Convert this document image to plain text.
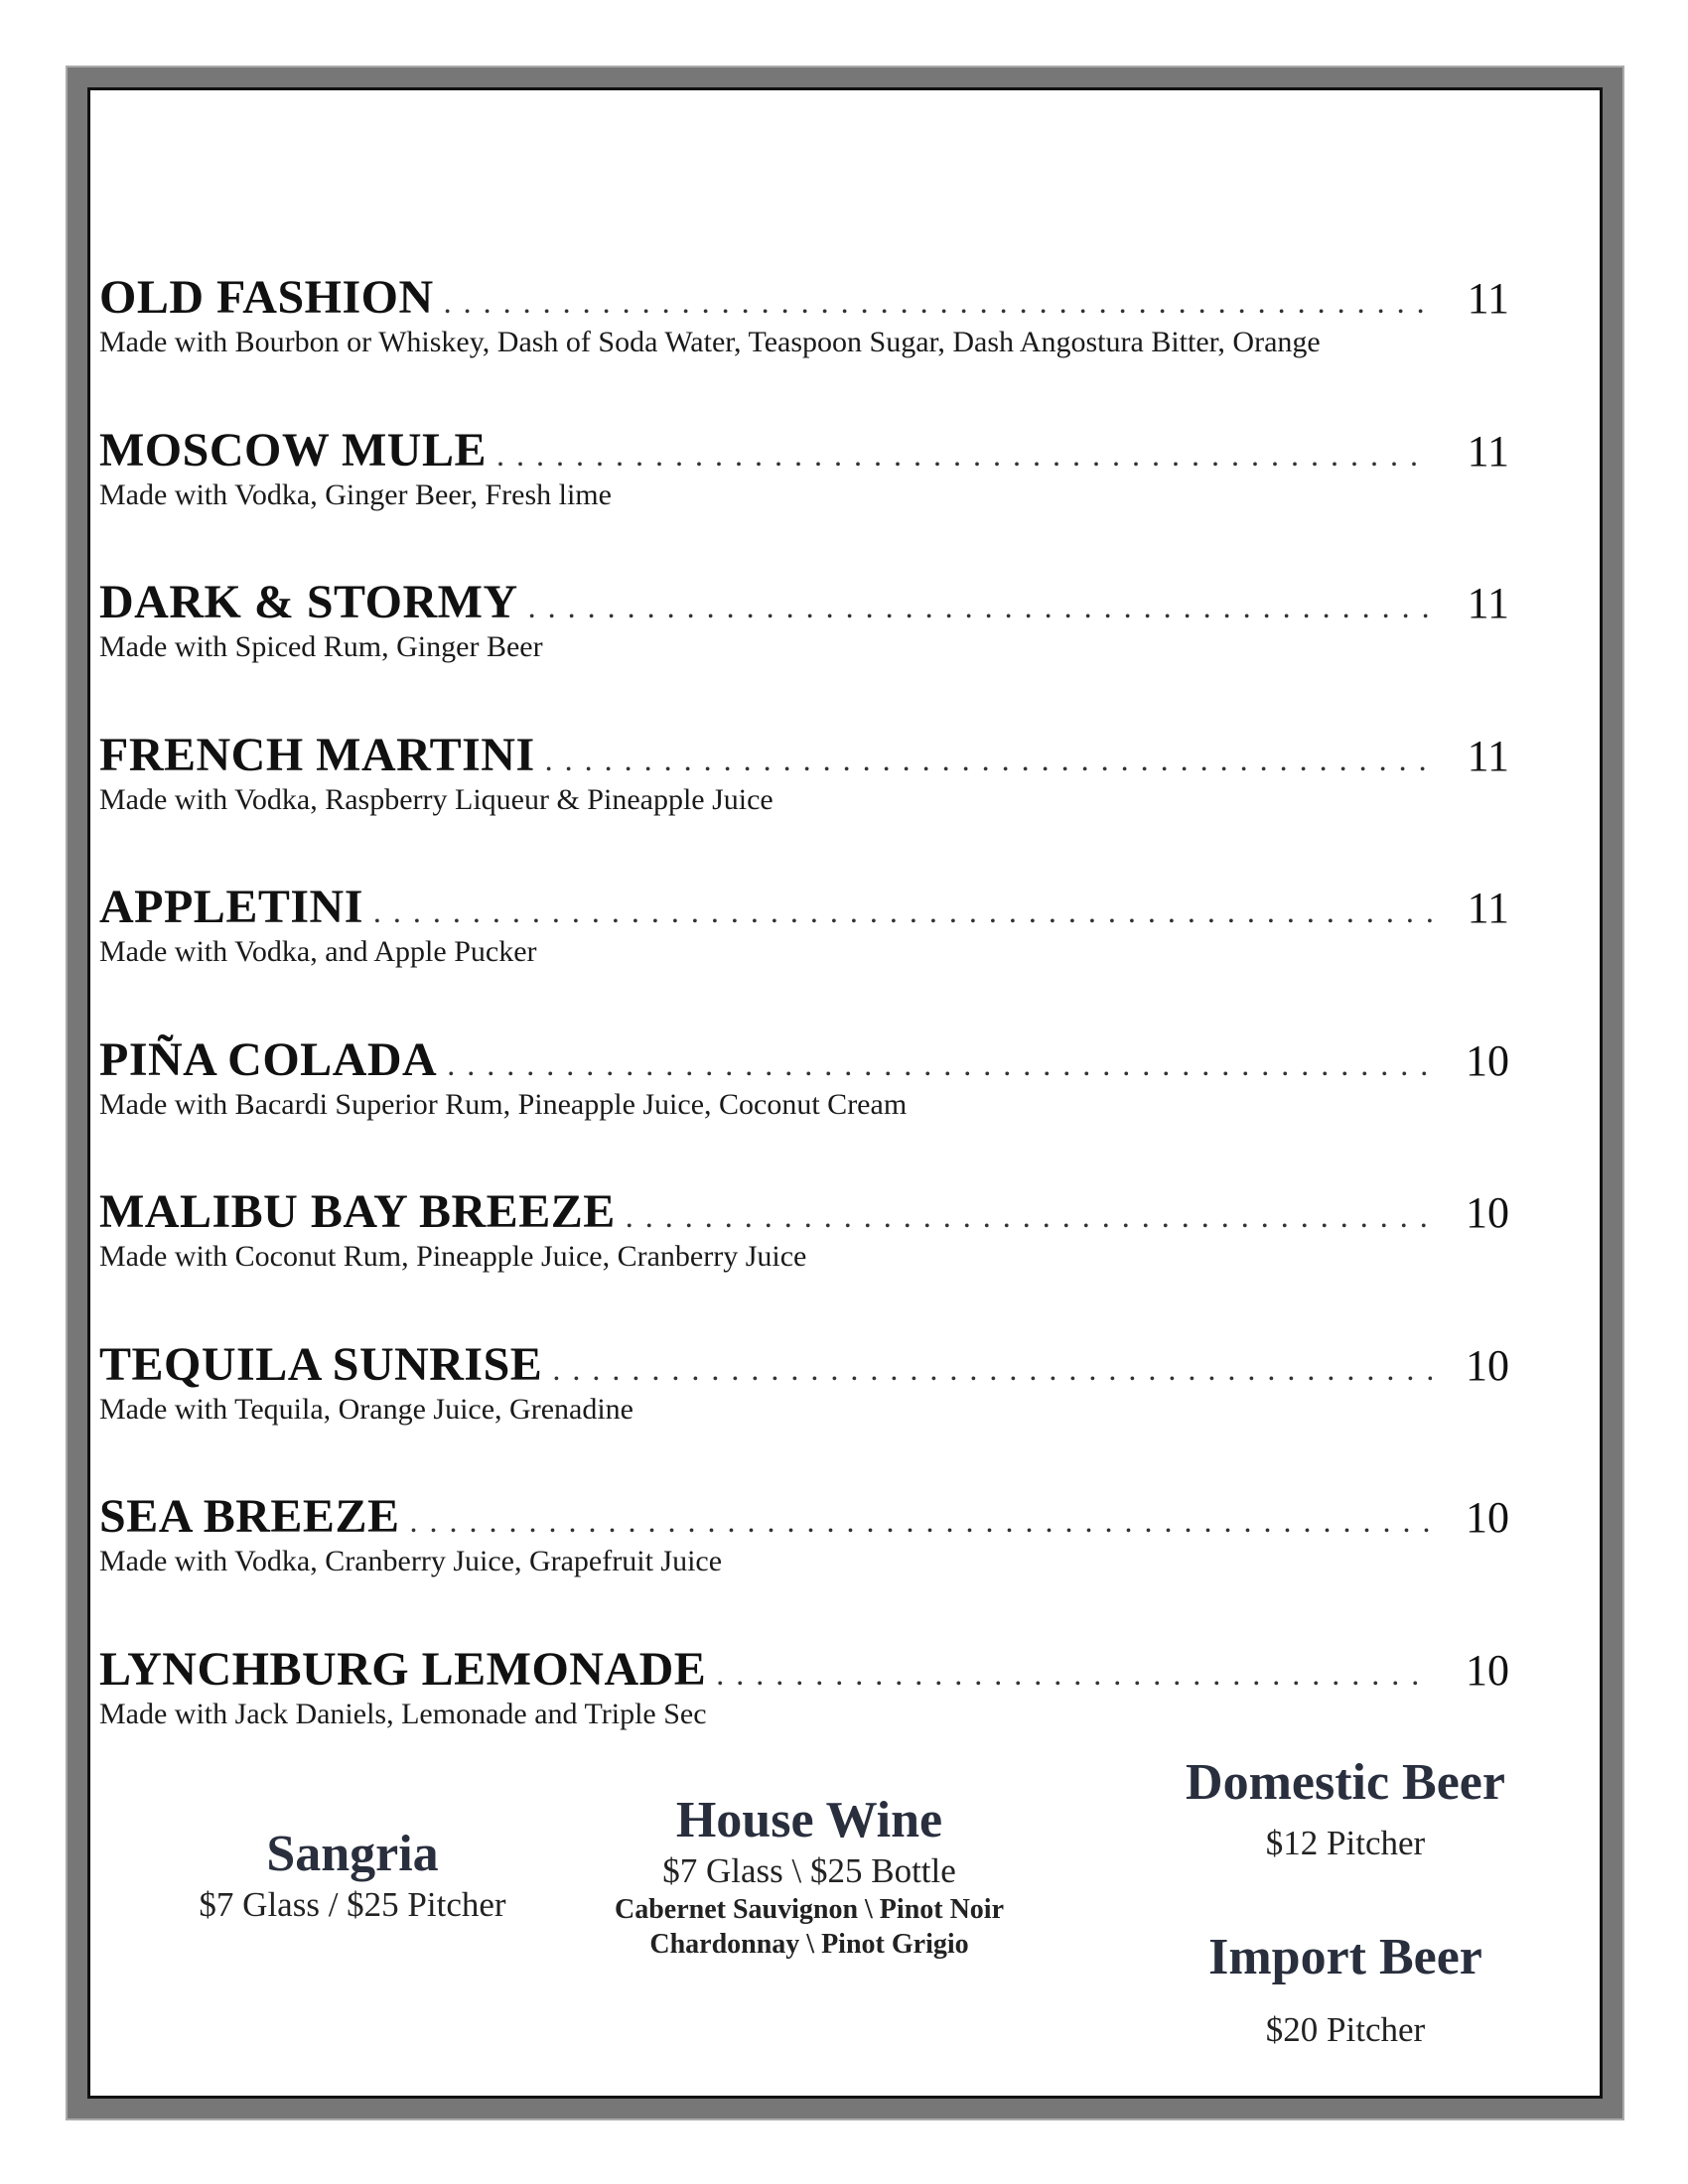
OLD FASHION . . .	11
Made with Bourbon or Whiskey, Dash of Soda Water, Teaspoon Sugar, Dash Angostura Bitter, Orange
MOSCOW MULE . . .	11
Made with Vodka, Ginger Beer, Fresh lime
DARK & STORMY . . .	11
Made with Spiced Rum, Ginger Beer
FRENCH MARTINI . . .	11
Made with Vodka, Raspberry Liqueur & Pineapple Juice
APPLETINI . . .	11
Made with Vodka, and Apple Pucker
PIÑA COLADA . . .	10
Made with Bacardi Superior Rum, Pineapple Juice, Coconut Cream
MALIBU BAY BREEZE . . .	10
Made with Coconut Rum, Pineapple Juice, Cranberry Juice
TEQUILA SUNRISE . . .	10
Made with Tequila, Orange Juice, Grenadine
SEA BREEZE . . .	10
Made with Vodka, Cranberry Juice, Grapefruit Juice
LYNCHBURG LEMONADE . . .	10
Made with Jack Daniels, Lemonade and Triple Sec
Sangria
$7 Glass / $25 Pitcher
House Wine
$7 Glass \ $25 Bottle
Cabernet Sauvignon \ Pinot Noir
Chardonnay \ Pinot Grigio
Domestic Beer
$12 Pitcher
Import Beer
$20 Pitcher
